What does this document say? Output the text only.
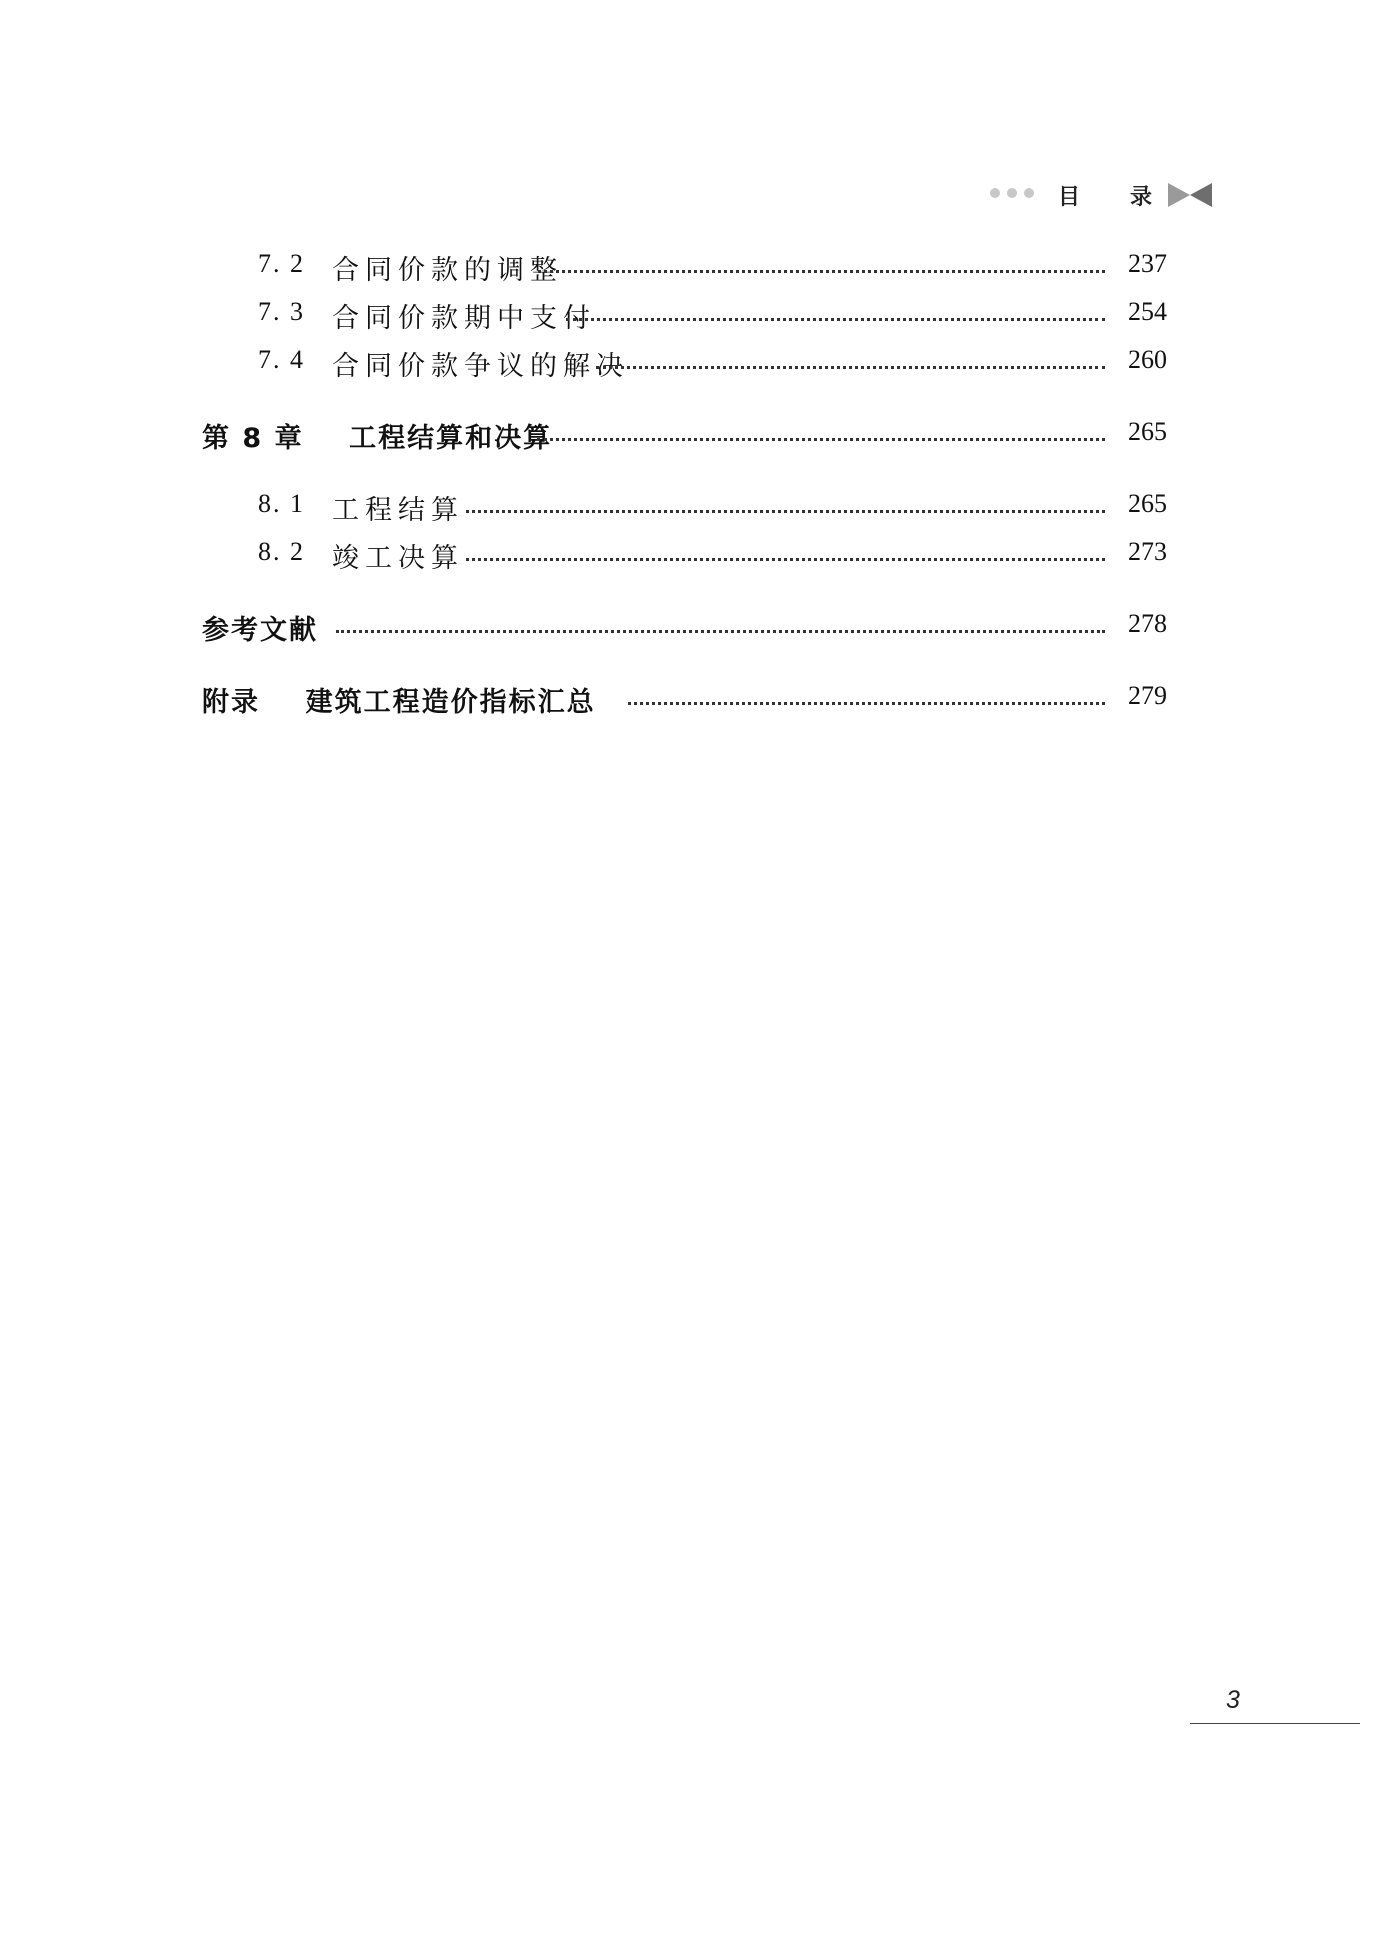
目 录
7. 2 合同价款的调整	237
7. 3 合同价款期中支付	254
7. 4 合同价款争议的解决	260
第 8 章    工程结算和决算	265
8. 1 工程结算	265
8. 2 竣工决算	273
参考文献	278
附录    建筑工程造价指标汇总	279
3
